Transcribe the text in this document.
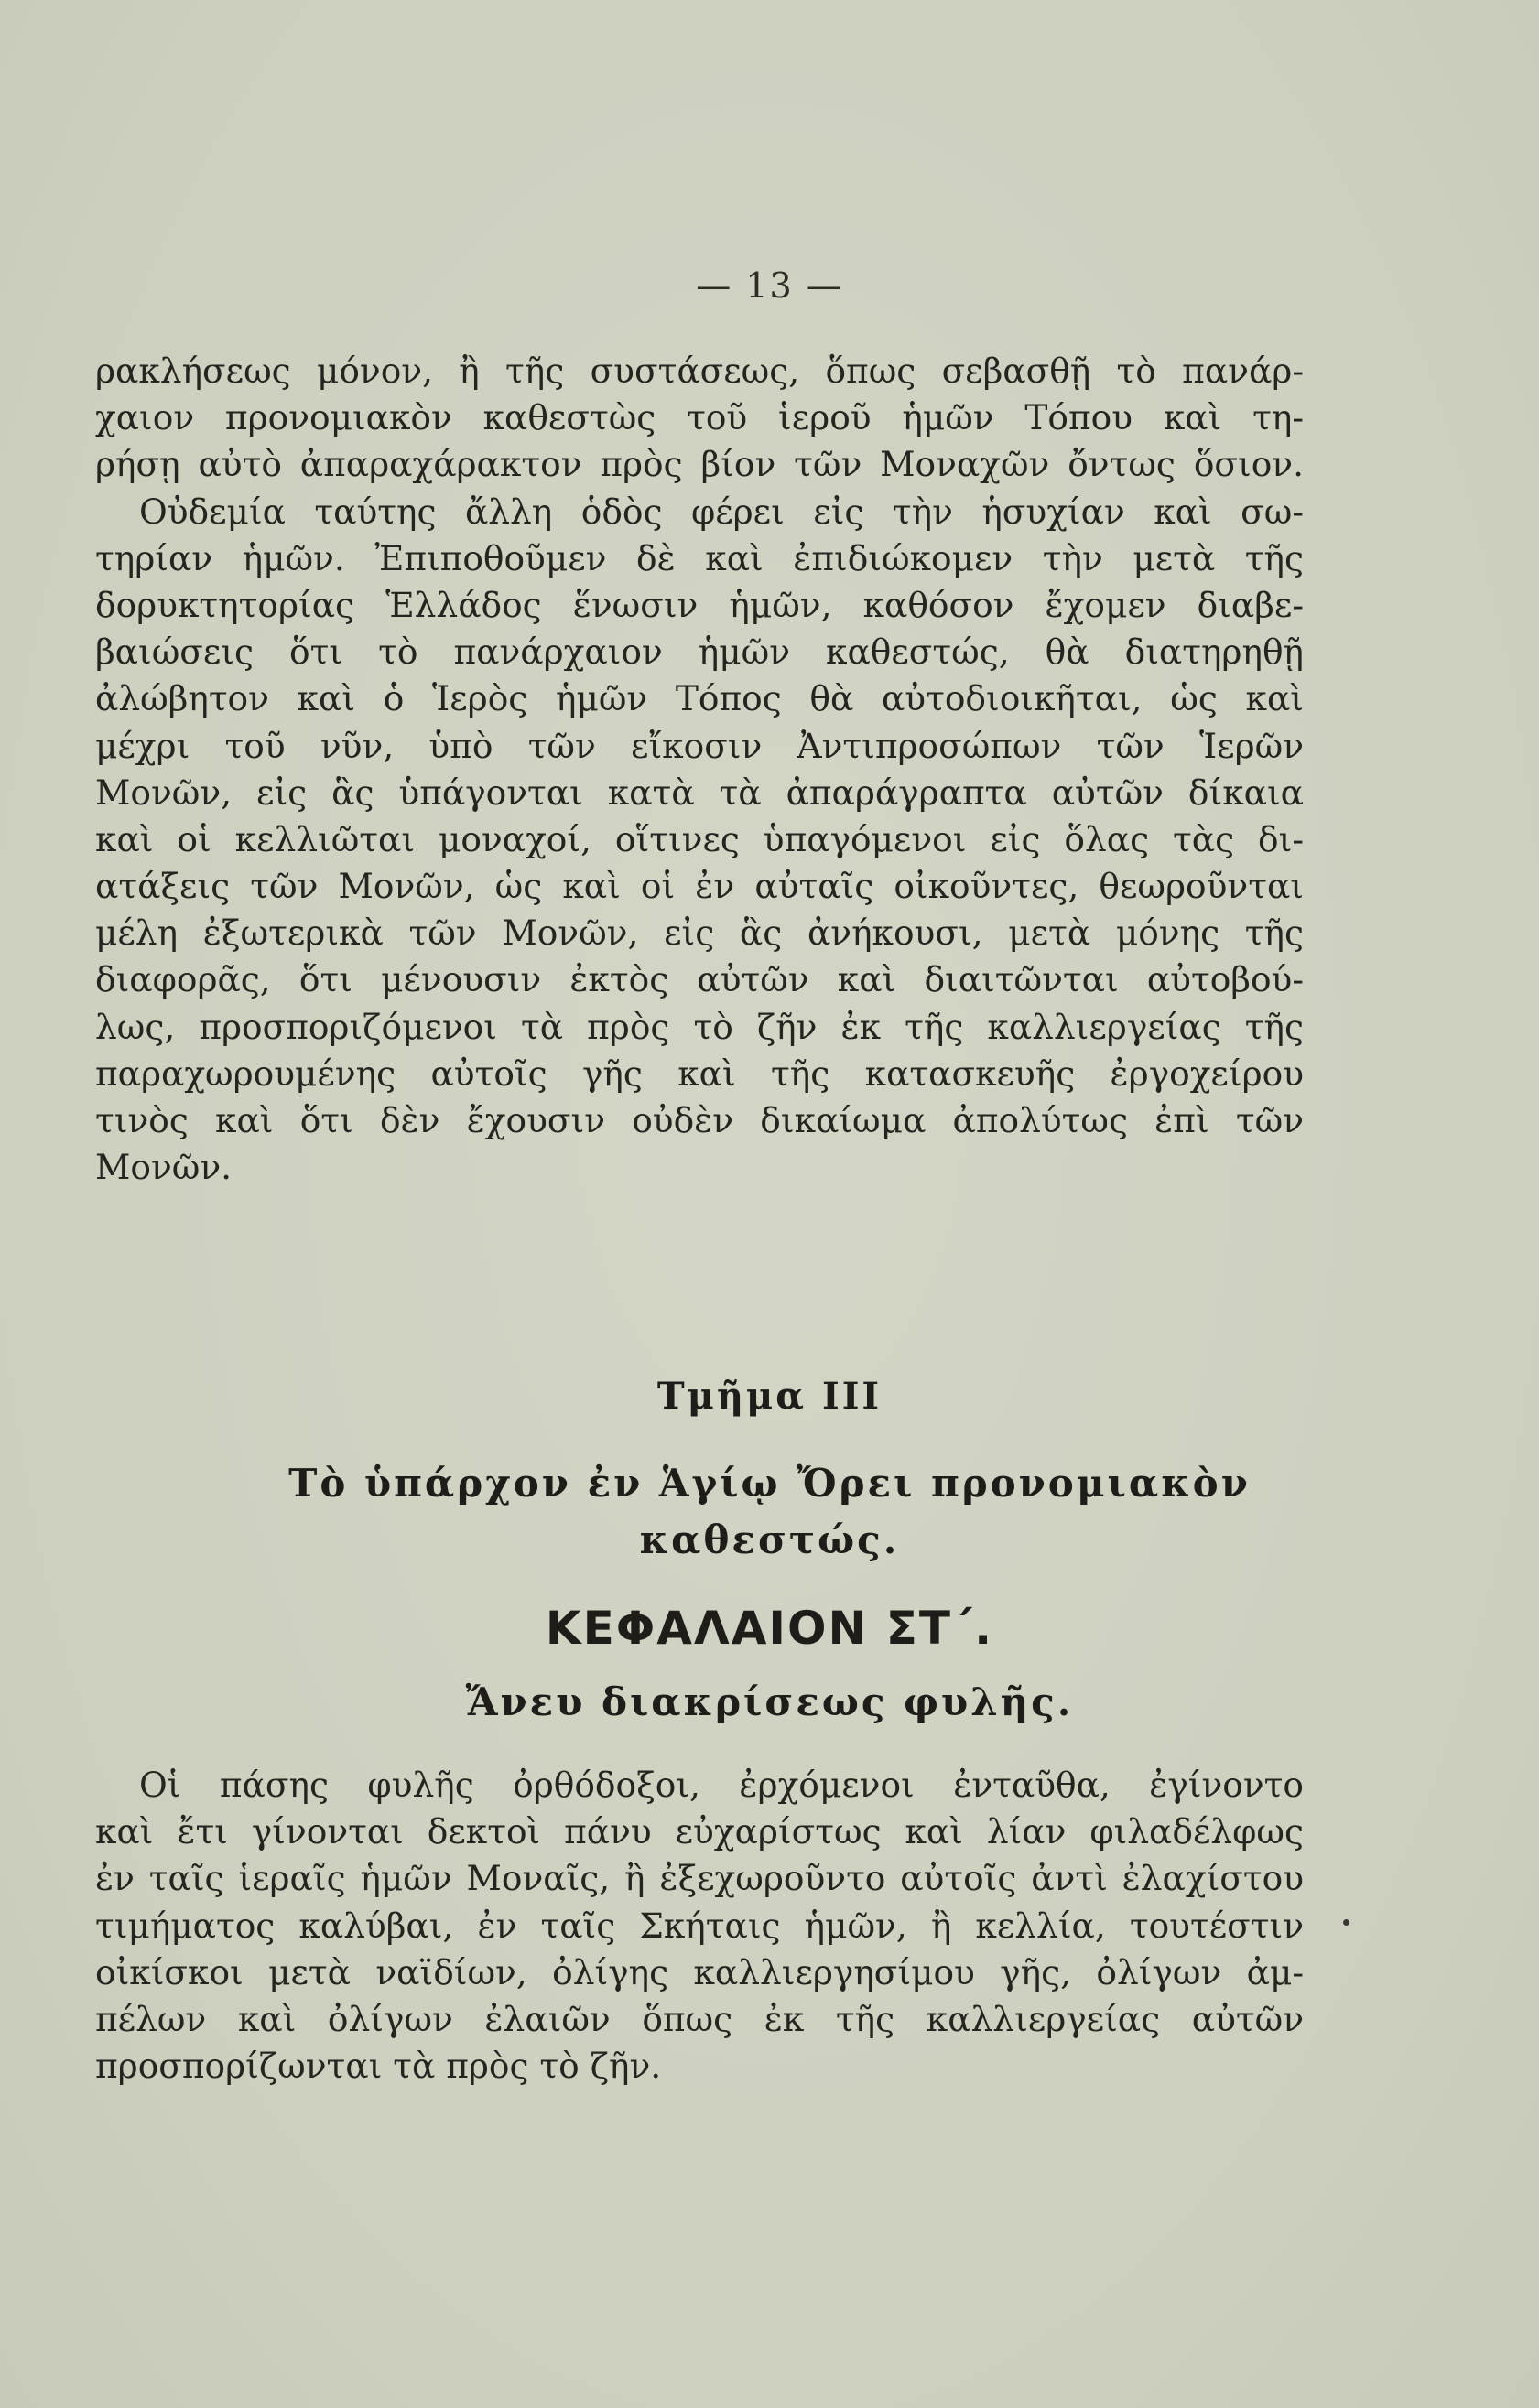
— 13 —
ρακλήσεως μόνον, ἢ τῆς συστάσεως, ὅπως σεβασθῇ τὸ πανάρ-
χαιον προνομιακὸν καθεστὼς τοῦ ἱεροῦ ἡμῶν Τόπου καὶ τη-
ρήσῃ αὐτὸ ἀπαραχάρακτον πρὸς βίον τῶν Μοναχῶν ὄντως ὅσιον.
Οὐδεμία ταύτης ἄλλη ὁδὸς φέρει εἰς τὴν ἡσυχίαν καὶ σω-
τηρίαν ἡμῶν. Ἐπιποθοῦμεν δὲ καὶ ἐπιδιώκομεν τὴν μετὰ τῆς
δορυκτητορίας Ἑλλάδος ἕνωσιν ἡμῶν, καθόσον ἔχομεν διαβε-
βαιώσεις ὅτι τὸ πανάρχαιον ἡμῶν καθεστώς, θὰ διατηρηθῇ
ἀλώβητον καὶ ὁ Ἱερὸς ἡμῶν Τόπος θὰ αὐτοδιοικῆται, ὡς καὶ
μέχρι τοῦ νῦν, ὑπὸ τῶν εἴκοσιν Ἀντιπροσώπων τῶν Ἱερῶν
Μονῶν, εἰς ἃς ὑπάγονται κατὰ τὰ ἀπαράγραπτα αὐτῶν δίκαια
καὶ οἱ κελλιῶται μοναχοί, οἵτινες ὑπαγόμενοι εἰς ὅλας τὰς δι-
ατάξεις τῶν Μονῶν, ὡς καὶ οἱ ἐν αὐταῖς οἰκοῦντες, θεωροῦνται
μέλη ἐξωτερικὰ τῶν Μονῶν, εἰς ἃς ἀνήκουσι, μετὰ μόνης τῆς
διαφορᾶς, ὅτι μένουσιν ἐκτὸς αὐτῶν καὶ διαιτῶνται αὐτοβού-
λως, προσποριζόμενοι τὰ πρὸς τὸ ζῆν ἐκ τῆς καλλιεργείας τῆς
παραχωρουμένης αὐτοῖς γῆς καὶ τῆς κατασκευῆς ἐργοχείρου
τινὸς καὶ ὅτι δὲν ἔχουσιν οὐδὲν δικαίωμα ἀπολύτως ἐπὶ τῶν
Μονῶν.
Τμῆμα III
Τὸ ὑπάρχον ἐν Ἁγίῳ Ὄρει προνομιακὸν
καθεστώς.
ΚΕΦΑΛΑΙΟΝ ΣΤ΄.
Ἄνευ διακρίσεως φυλῆς.
Οἱ πάσης φυλῆς ὀρθόδοξοι, ἐρχόμενοι ἐνταῦθα, ἐγίνοντο
καὶ ἔτι γίνονται δεκτοὶ πάνυ εὐχαρίστως καὶ λίαν φιλαδέλφως
ἐν ταῖς ἱεραῖς ἡμῶν Μοναῖς, ἢ ἐξεχωροῦντο αὐτοῖς ἀντὶ ἐλαχίστου
τιμήματος καλύβαι, ἐν ταῖς Σκήταις ἡμῶν, ἢ κελλία, τουτέστιν
οἰκίσκοι μετὰ ναϊδίων, ὀλίγης καλλιεργησίμου γῆς, ὀλίγων ἀμ-
πέλων καὶ ὀλίγων ἐλαιῶν ὅπως ἐκ τῆς καλλιεργείας αὐτῶν
προσπορίζωνται τὰ πρὸς τὸ ζῆν.
